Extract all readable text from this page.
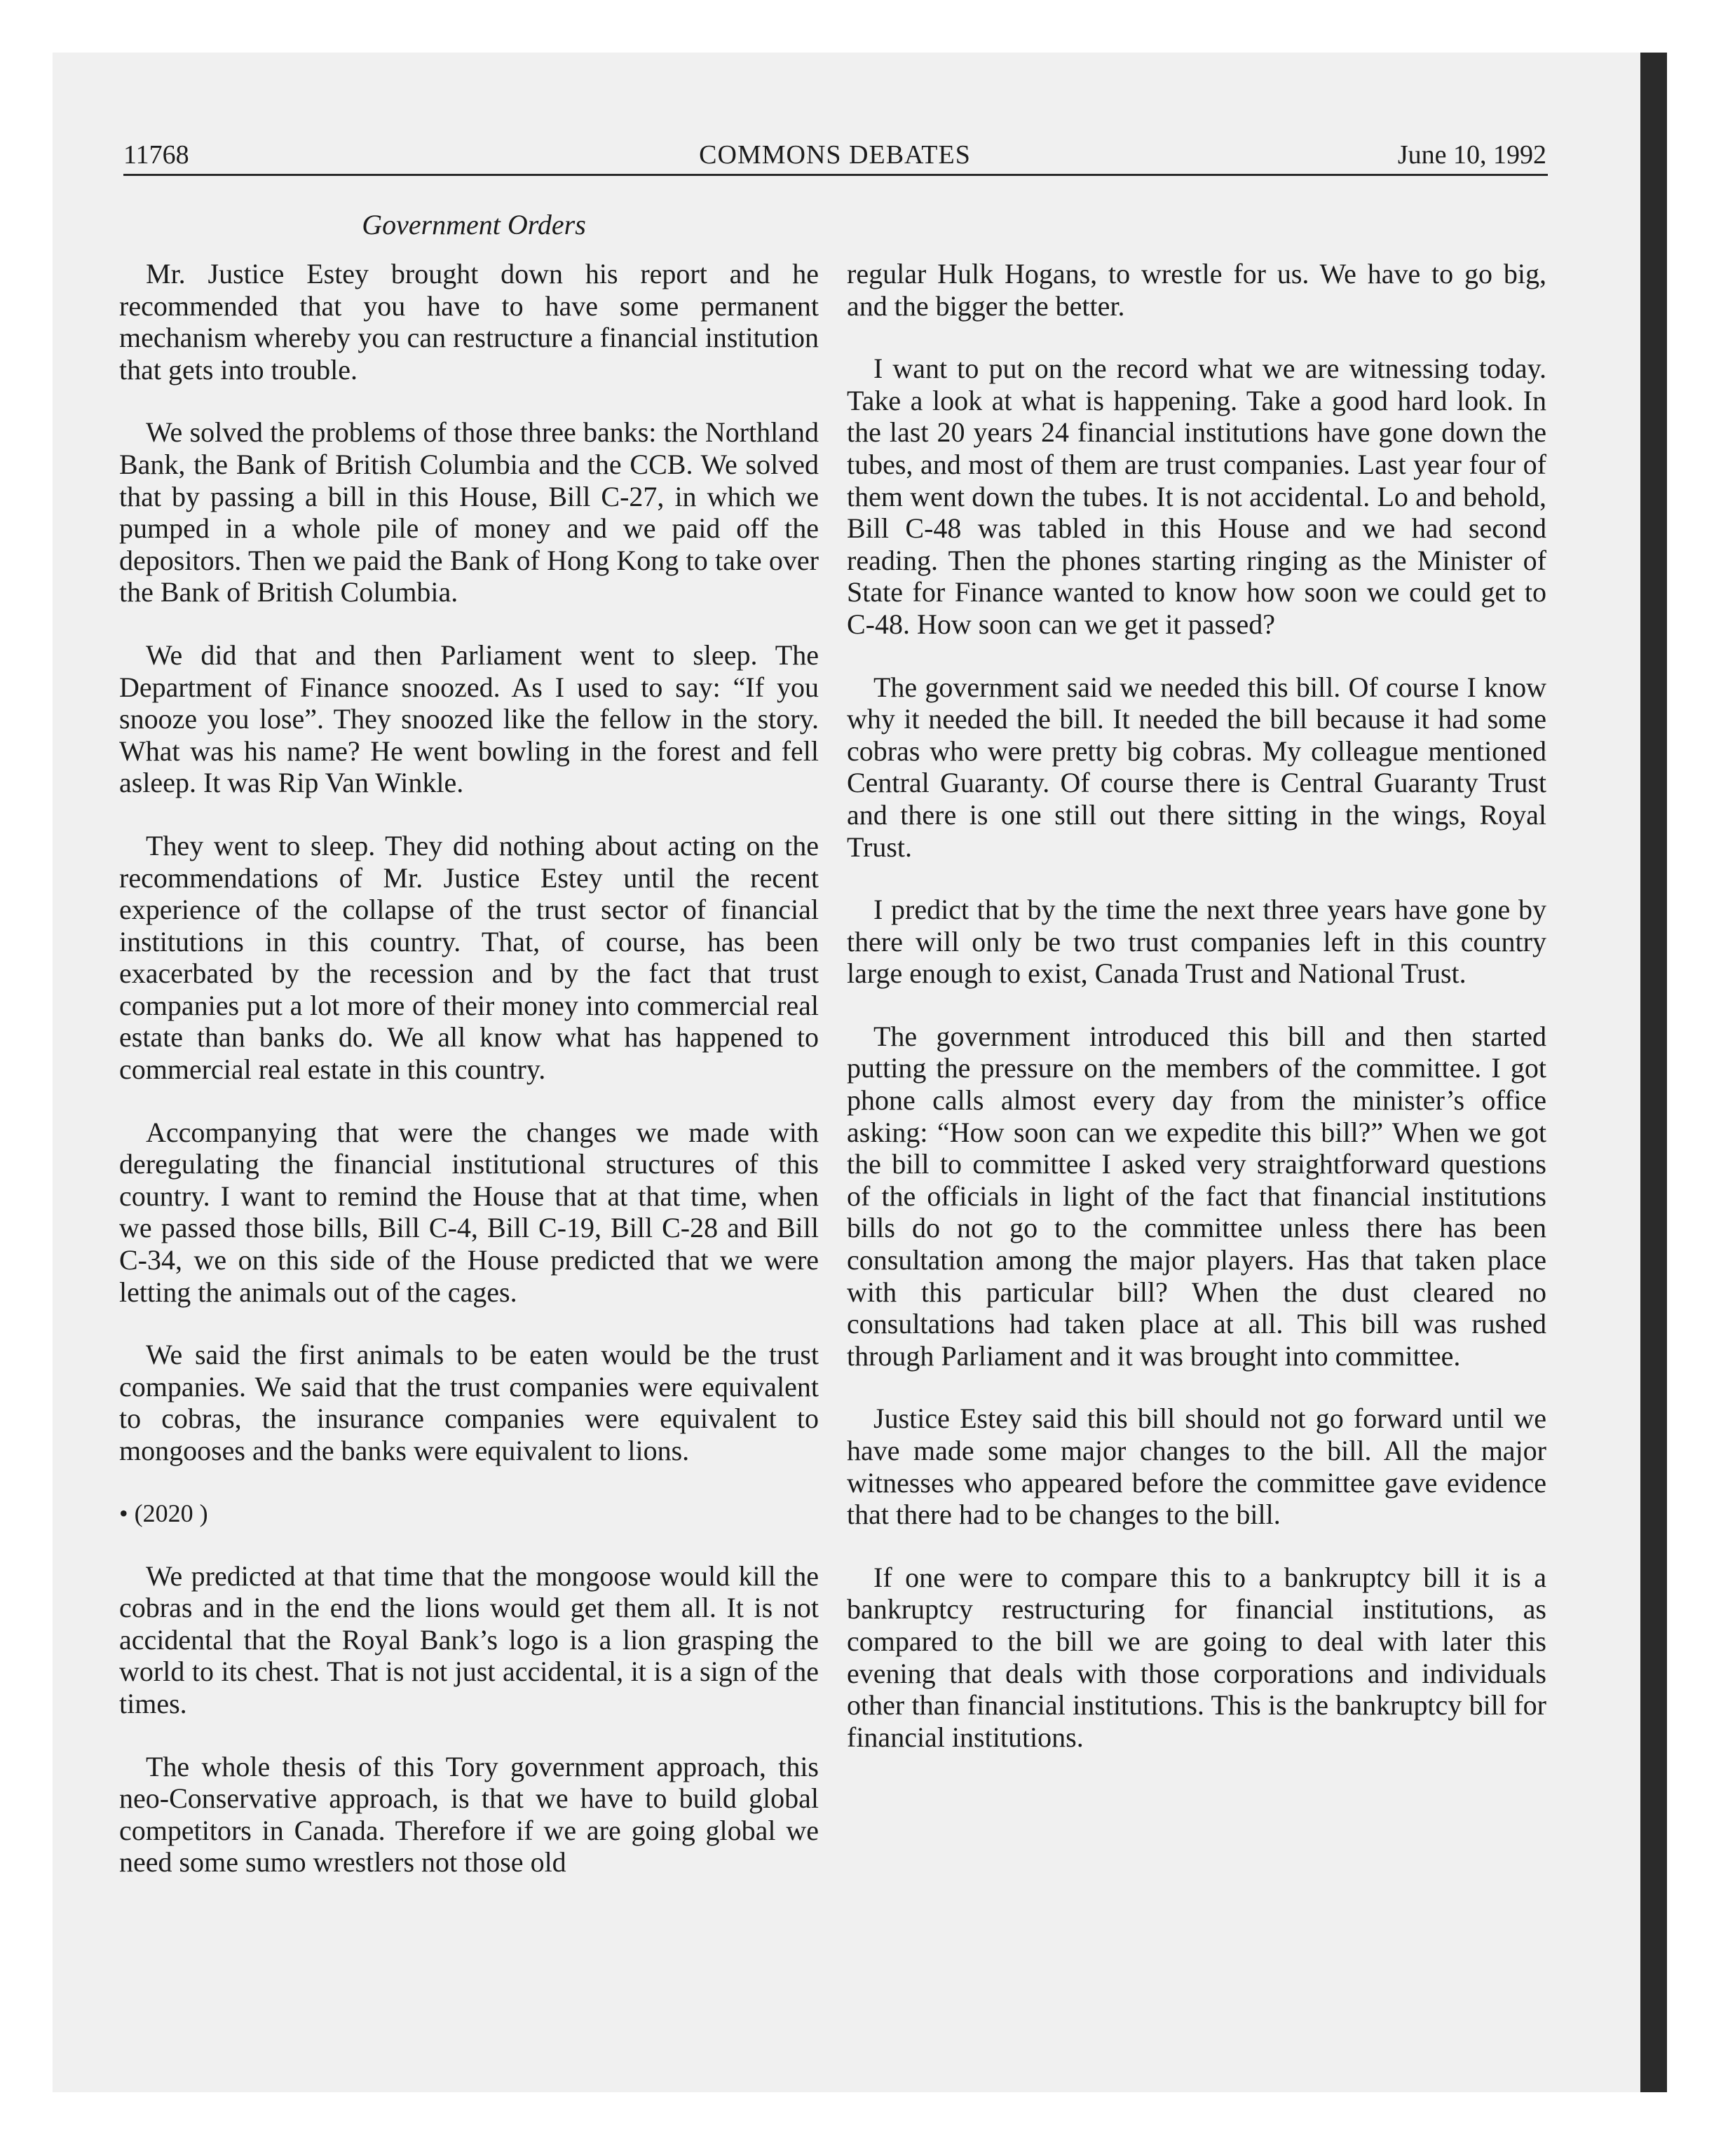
11768	COMMONS DEBATES	June 10, 1992
Government Orders

Mr. Justice Estey brought down his report and he recommended that you have to have some permanent mechanism whereby you can restructure a financial institution that gets into trouble.

We solved the problems of those three banks: the Northland Bank, the Bank of British Columbia and the CCB. We solved that by passing a bill in this House, Bill C-27, in which we pumped in a whole pile of money and we paid off the depositors. Then we paid the Bank of Hong Kong to take over the Bank of British Columbia.

We did that and then Parliament went to sleep. The Department of Finance snoozed. As I used to say: “If you snooze you lose”. They snoozed like the fellow in the story. What was his name? He went bowling in the forest and fell asleep. It was Rip Van Winkle.

They went to sleep. They did nothing about acting on the recommendations of Mr. Justice Estey until the recent experience of the collapse of the trust sector of financial institutions in this country. That, of course, has been exacerbated by the recession and by the fact that trust companies put a lot more of their money into commercial real estate than banks do. We all know what has happened to commercial real estate in this country.

Accompanying that were the changes we made with deregulating the financial institutional structures of this country. I want to remind the House that at that time, when we passed those bills, Bill C-4, Bill C-19, Bill C-28 and Bill C-34, we on this side of the House predicted that we were letting the animals out of the cages.

We said the first animals to be eaten would be the trust companies. We said that the trust companies were equivalent to cobras, the insurance companies were equivalent to mongooses and the banks were equivalent to lions.

• (2020 )

We predicted at that time that the mongoose would kill the cobras and in the end the lions would get them all. It is not accidental that the Royal Bank’s logo is a lion grasping the world to its chest. That is not just accidental, it is a sign of the times.

The whole thesis of this Tory government approach, this neo-Conservative approach, is that we have to build global competitors in Canada. Therefore if we are going global we need some sumo wrestlers not those old

regular Hulk Hogans, to wrestle for us. We have to go big, and the bigger the better.

I want to put on the record what we are witnessing today. Take a look at what is happening. Take a good hard look. In the last 20 years 24 financial institutions have gone down the tubes, and most of them are trust companies. Last year four of them went down the tubes. It is not accidental. Lo and behold, Bill C-48 was tabled in this House and we had second reading. Then the phones starting ringing as the Minister of State for Finance wanted to know how soon we could get to C-48. How soon can we get it passed?

The government said we needed this bill. Of course I know why it needed the bill. It needed the bill because it had some cobras who were pretty big cobras. My colleague mentioned Central Guaranty. Of course there is Central Guaranty Trust and there is one still out there sitting in the wings, Royal Trust.

I predict that by the time the next three years have gone by there will only be two trust companies left in this country large enough to exist, Canada Trust and National Trust.

The government introduced this bill and then started putting the pressure on the members of the committee. I got phone calls almost every day from the minister’s office asking: “How soon can we expedite this bill?” When we got the bill to committee I asked very straightforward questions of the officials in light of the fact that financial institutions bills do not go to the committee unless there has been consultation among the major players. Has that taken place with this particular bill? When the dust cleared no consultations had taken place at all. This bill was rushed through Parliament and it was brought into committee.

Justice Estey said this bill should not go forward until we have made some major changes to the bill. All the major witnesses who appeared before the committee gave evidence that there had to be changes to the bill.

If one were to compare this to a bankruptcy bill it is a bankruptcy restructuring for financial institutions, as compared to the bill we are going to deal with later this evening that deals with those corporations and individuals other than financial institutions. This is the bankruptcy bill for financial institutions.
